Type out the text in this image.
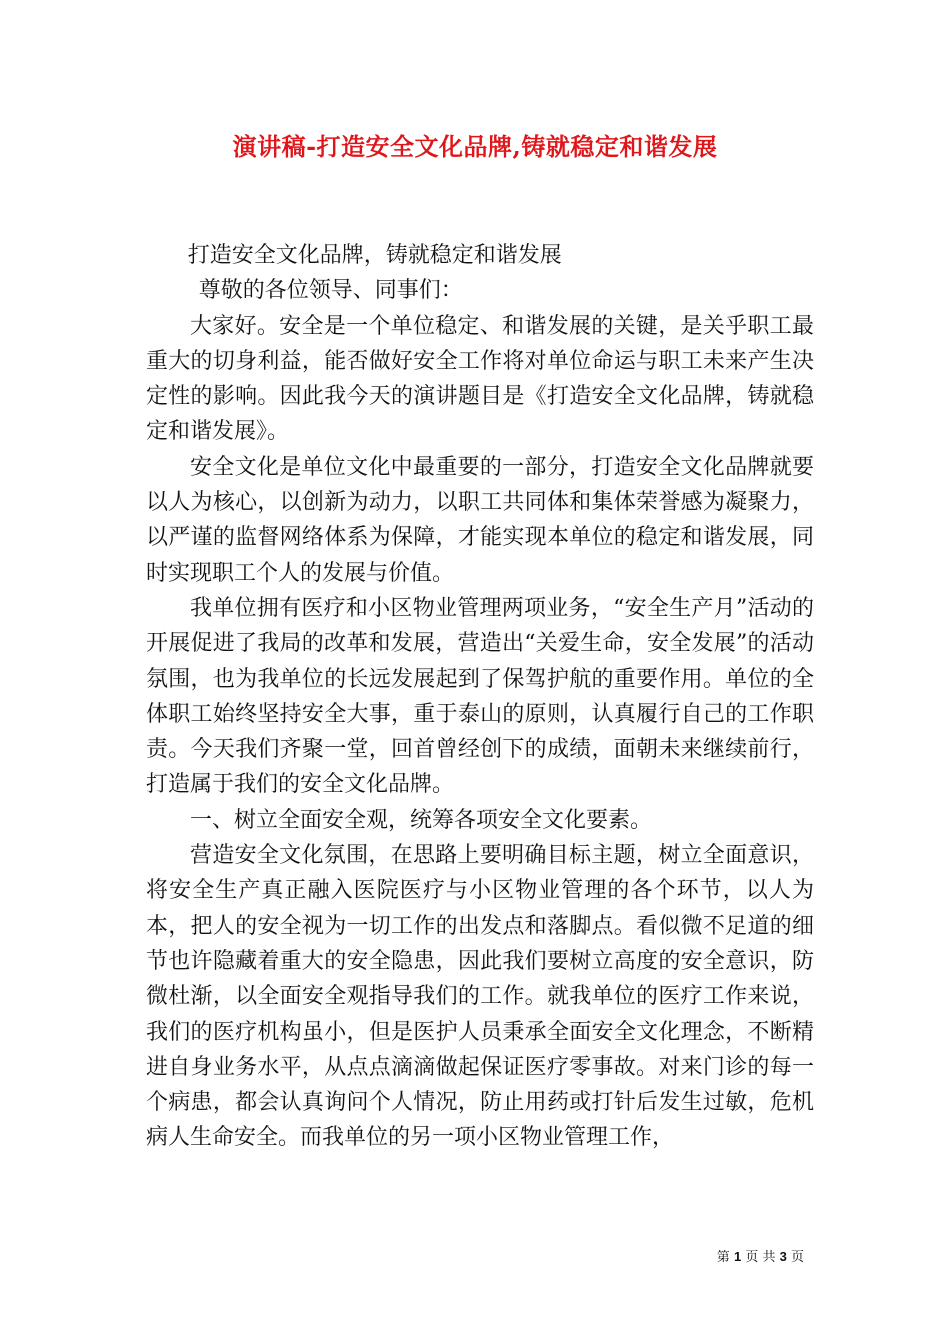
演讲稿-打造安全文化品牌,铸就稳定和谐发展

打造安全文化品牌，铸就稳定和谐发展

尊敬的各位领导、同事们：

大家好。安全是一个单位稳定、和谐发展的关键，是关乎职工最重大的切身利益，能否做好安全工作将对单位命运与职工未来产生决定性的影响。因此我今天的演讲题目是《打造安全文化品牌，铸就稳定和谐发展》。

安全文化是单位文化中最重要的一部分，打造安全文化品牌就要以人为核心，以创新为动力，以职工共同体和集体荣誉感为凝聚力，以严谨的监督网络体系为保障，才能实现本单位的稳定和谐发展，同时实现职工个人的发展与价值。

我单位拥有医疗和小区物业管理两项业务，“安全生产月”活动的开展促进了我局的改革和发展，营造出“关爱生命，安全发展”的活动氛围，也为我单位的长远发展起到了保驾护航的重要作用。单位的全体职工始终坚持安全大事，重于泰山的原则，认真履行自己的工作职责。今天我们齐聚一堂，回首曾经创下的成绩，面朝未来继续前行，打造属于我们的安全文化品牌。

一、树立全面安全观，统筹各项安全文化要素。

营造安全文化氛围，在思路上要明确目标主题，树立全面意识，将安全生产真正融入医院医疗与小区物业管理的各个环节，以人为本，把人的安全视为一切工作的出发点和落脚点。看似微不足道的细节也许隐藏着重大的安全隐患，因此我们要树立高度的安全意识，防微杜渐，以全面安全观指导我们的工作。就我单位的医疗工作来说，我们的医疗机构虽小，但是医护人员秉承全面安全文化理念，不断精进自身业务水平，从点点滴滴做起保证医疗零事故。对来门诊的每一个病患，都会认真询问个人情况，防止用药或打针后发生过敏，危机病人生命安全。而我单位的另一项小区物业管理工作，

第 1 页 共 3 页
